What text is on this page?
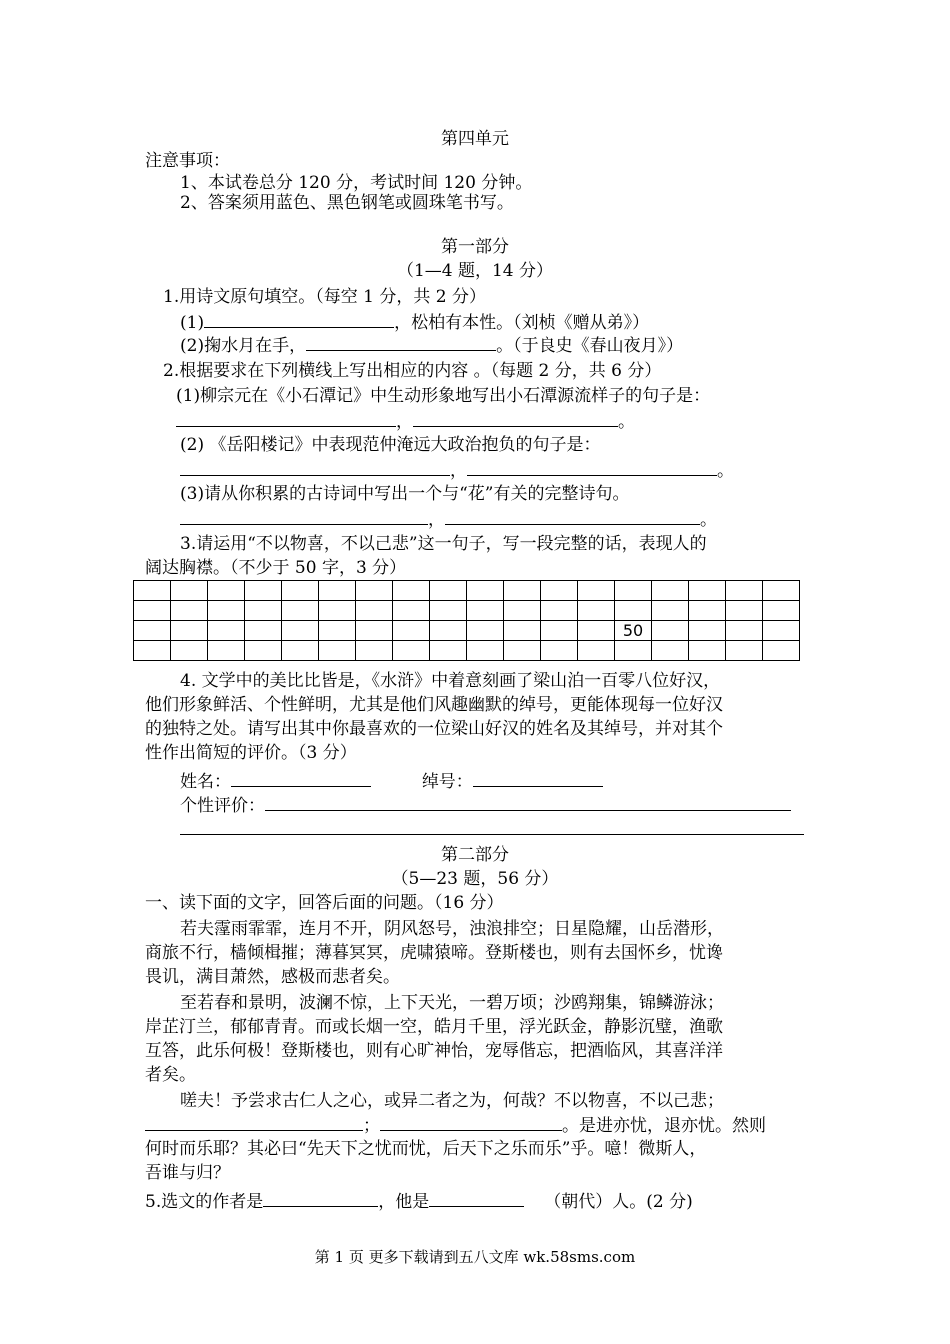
第四单元
注意事项：
1、本试卷总分 120 分，考试时间 120 分钟。
2、答案须用蓝色、黑色钢笔或圆珠笔书写。
第一部分
（1—4 题，14 分）
1.用诗文原句填空。（每空 1 分，共 2 分）
(1)	，松柏有本性。（刘桢《赠从弟》）
(2)掬水月在手，	。（于良史《春山夜月》）
2.根据要求在下列横线上写出相应的内容 。（每题 2 分，共 6 分）
(1)柳宗元在《小石潭记》中生动形象地写出小石潭源流样子的句子是：
，	。
(2) 《岳阳楼记》中表现范仲淹远大政治抱负的句子是：
，	。
(3)请从你积累的古诗词中写出一个与“花”有关的完整诗句。
，	。
3.请运用“不以物喜，不以己悲”这一句子，写一段完整的话，表现人的
阔达胸襟。（不少于 50 字，3 分）

													50				

4. 文学中的美比比皆是，《水浒》中着意刻画了梁山泊一百零八位好汉，
他们形象鲜活、个性鲜明，尤其是他们风趣幽默的绰号，更能体现每一位好汉
的独特之处。请写出其中你最喜欢的一位梁山好汉的姓名及其绰号，并对其个
性作出简短的评价。（3 分）
姓名：	绰号：
个性评价：
第二部分
（5—23 题，56 分）
一、读下面的文字，回答后面的问题。（16 分）
若夫霪雨霏霏，连月不开，阴风怒号，浊浪排空；日星隐耀，山岳潜形，
商旅不行，樯倾楫摧；薄暮冥冥，虎啸猿啼。登斯楼也，则有去国怀乡，忧谗
畏讥，满目萧然，感极而悲者矣。
至若春和景明，波澜不惊，上下天光，一碧万顷；沙鸥翔集，锦鳞游泳；
岸芷汀兰，郁郁青青。而或长烟一空，皓月千里，浮光跃金，静影沉璧，渔歌
互答，此乐何极！登斯楼也，则有心旷神怡，宠辱偕忘，把酒临风，其喜洋洋
者矣。
嗟夫！予尝求古仁人之心，或异二者之为，何哉？不以物喜，不以己悲；
；	。是进亦忧，退亦忧。然则
何时而乐耶？其必曰“先天下之忧而忧，后天下之乐而乐”乎。噫！微斯人，
吾谁与归？
5.选文的作者是	，他是	（朝代）人。(2 分)
第 1 页 更多下载请到五八文库 wk.58sms.com
